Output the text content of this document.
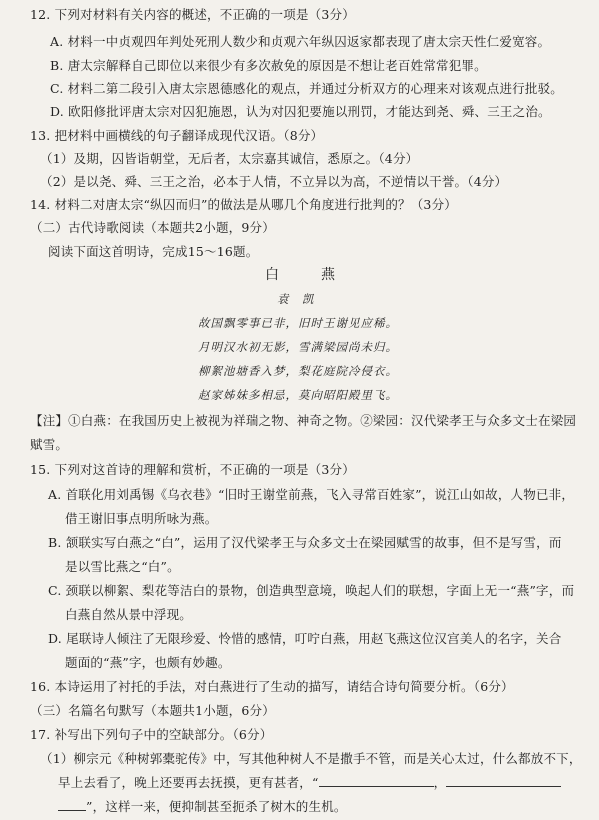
12. 下列对材料有关内容的概述，不正确的一项是（3分）
A. 材料一中贞观四年判处死刑人数少和贞观六年纵囚返家都表现了唐太宗天性仁爱宽容。
B. 唐太宗解释自己即位以来很少有多次赦免的原因是不想让老百姓常常犯罪。
C. 材料二第二段引入唐太宗恩德感化的观点，并通过分析双方的心理来对该观点进行批驳。
D. 欧阳修批评唐太宗对囚犯施恩，认为对囚犯要施以刑罚，才能达到尧、舜、三王之治。
13. 把材料中画横线的句子翻译成现代汉语。（8分）
（1）及期，囚皆诣朝堂，无后者，太宗嘉其诚信，悉原之。（4分）
（2）是以尧、舜、三王之治，必本于人情，不立异以为高，不逆情以干誉。（4分）
14. 材料二对唐太宗“纵囚而归”的做法是从哪几个角度进行批判的？（3分）
（二）古代诗歌阅读（本题共2小题，9分）
阅读下面这首明诗，完成15～16题。
白　燕
袁　凯
故国飘零事已非，旧时王谢见应稀。
月明汉水初无影，雪满梁园尚未归。
柳絮池塘香入梦，梨花庭院冷侵衣。
赵家姊妹多相忌，莫向昭阳殿里飞。
【注】①白燕：在我国历史上被视为祥瑞之物、神奇之物。②梁园：汉代梁孝王与众多文士在梁园
赋雪。
15. 下列对这首诗的理解和赏析，不正确的一项是（3分）
A. 首联化用刘禹锡《乌衣巷》“旧时王谢堂前燕，飞入寻常百姓家”，说江山如故，人物已非，
借王谢旧事点明所咏为燕。
B. 颔联实写白燕之“白”，运用了汉代梁孝王与众多文士在梁园赋雪的故事，但不是写雪，而
是以雪比燕之“白”。
C. 颈联以柳絮、梨花等洁白的景物，创造典型意境，唤起人们的联想，字面上无一“燕”字，而
白燕自然从景中浮现。
D. 尾联诗人倾注了无限珍爱、怜惜的感情，叮咛白燕，用赵飞燕这位汉宫美人的名字，关合
题面的“燕”字，也颇有妙趣。
16. 本诗运用了衬托的手法，对白燕进行了生动的描写，请结合诗句简要分析。（6分）
（三）名篇名句默写（本题共1小题，6分）
17. 补写出下列句子中的空缺部分。（6分）
（1）柳宗元《种树郭橐驼传》中，写其他种树人不是撒手不管，而是关心太过，什么都放不下，
早上去看了，晚上还要再去抚摸，更有甚者，“	，
”，这样一来，便抑制甚至扼杀了树木的生机。
